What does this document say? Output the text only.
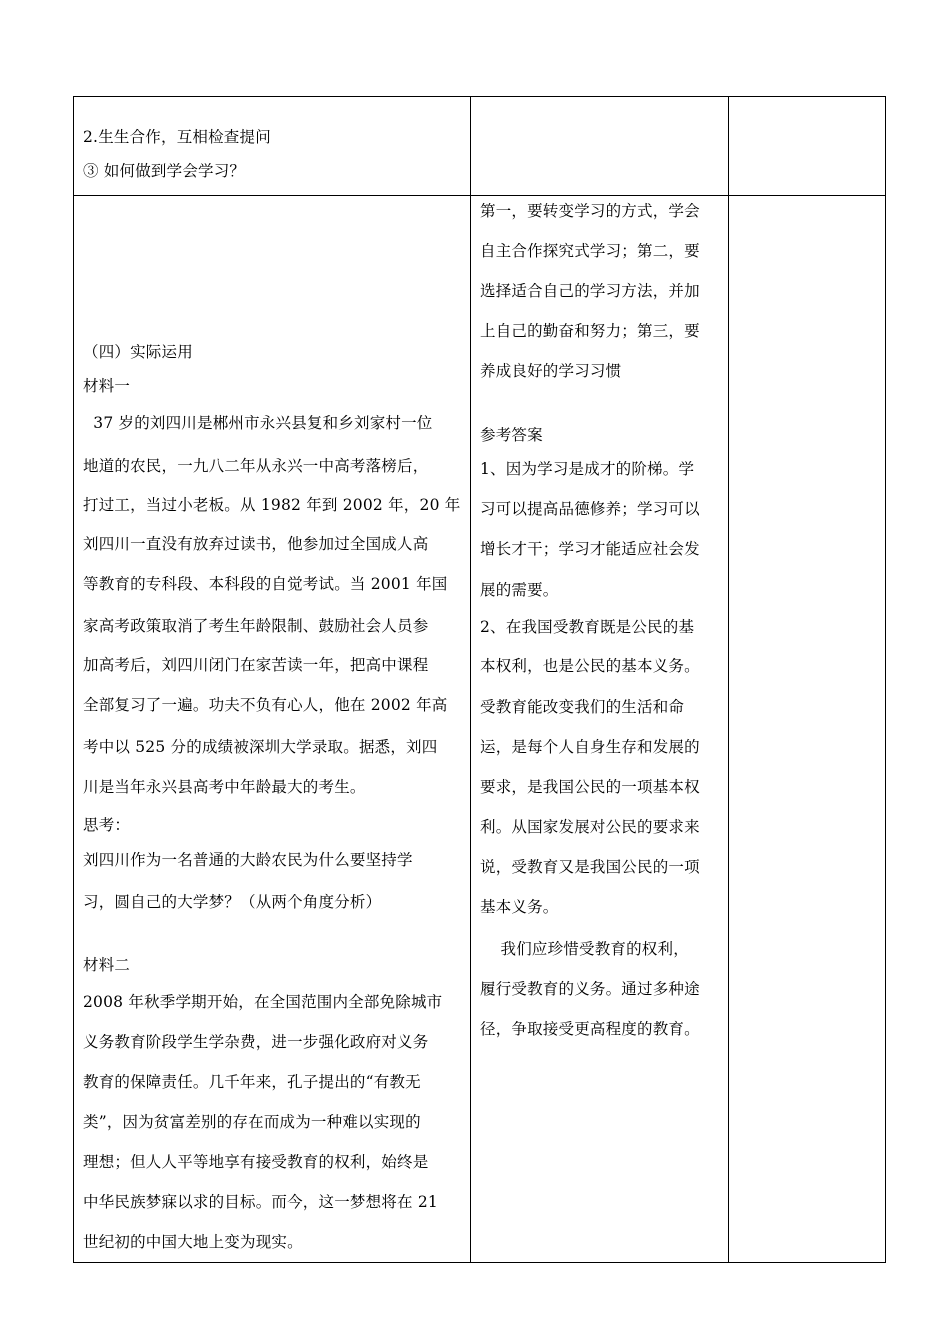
2.生生合作，互相检查提问
③ 如何做到学会学习？
（四）实际运用
材料一
37 岁的刘四川是郴州市永兴县复和乡刘家村一位
地道的农民，一九八二年从永兴一中高考落榜后，
打过工，当过小老板。从 1982 年到 2002 年，20 年
刘四川一直没有放弃过读书，他参加过全国成人高
等教育的专科段、本科段的自觉考试。当 2001 年国
家高考政策取消了考生年龄限制、鼓励社会人员参
加高考后，刘四川闭门在家苦读一年，把高中课程
全部复习了一遍。功夫不负有心人，他在 2002 年高
考中以 525 分的成绩被深圳大学录取。据悉，刘四
川是当年永兴县高考中年龄最大的考生。
思考：
刘四川作为一名普通的大龄农民为什么要坚持学
习，圆自己的大学梦？（从两个角度分析）
材料二
2008 年秋季学期开始，在全国范围内全部免除城市
义务教育阶段学生学杂费，进一步强化政府对义务
教育的保障责任。几千年来，孔子提出的“有教无
类”，因为贫富差别的存在而成为一种难以实现的
理想；但人人平等地享有接受教育的权利，始终是
中华民族梦寐以求的目标。而今，这一梦想将在 21
世纪初的中国大地上变为现实。
第一，要转变学习的方式，学会
自主合作探究式学习；第二，要
选择适合自己的学习方法，并加
上自己的勤奋和努力；第三，要
养成良好的学习习惯
参考答案
1、因为学习是成才的阶梯。学
习可以提高品德修养；学习可以
增长才干；学习才能适应社会发
展的需要。
2、在我国受教育既是公民的基
本权利，也是公民的基本义务。
受教育能改变我们的生活和命
运，是每个人自身生存和发展的
要求，是我国公民的一项基本权
利。从国家发展对公民的要求来
说，受教育又是我国公民的一项
基本义务。
我们应珍惜受教育的权利，
履行受教育的义务。通过多种途
径，争取接受更高程度的教育。
